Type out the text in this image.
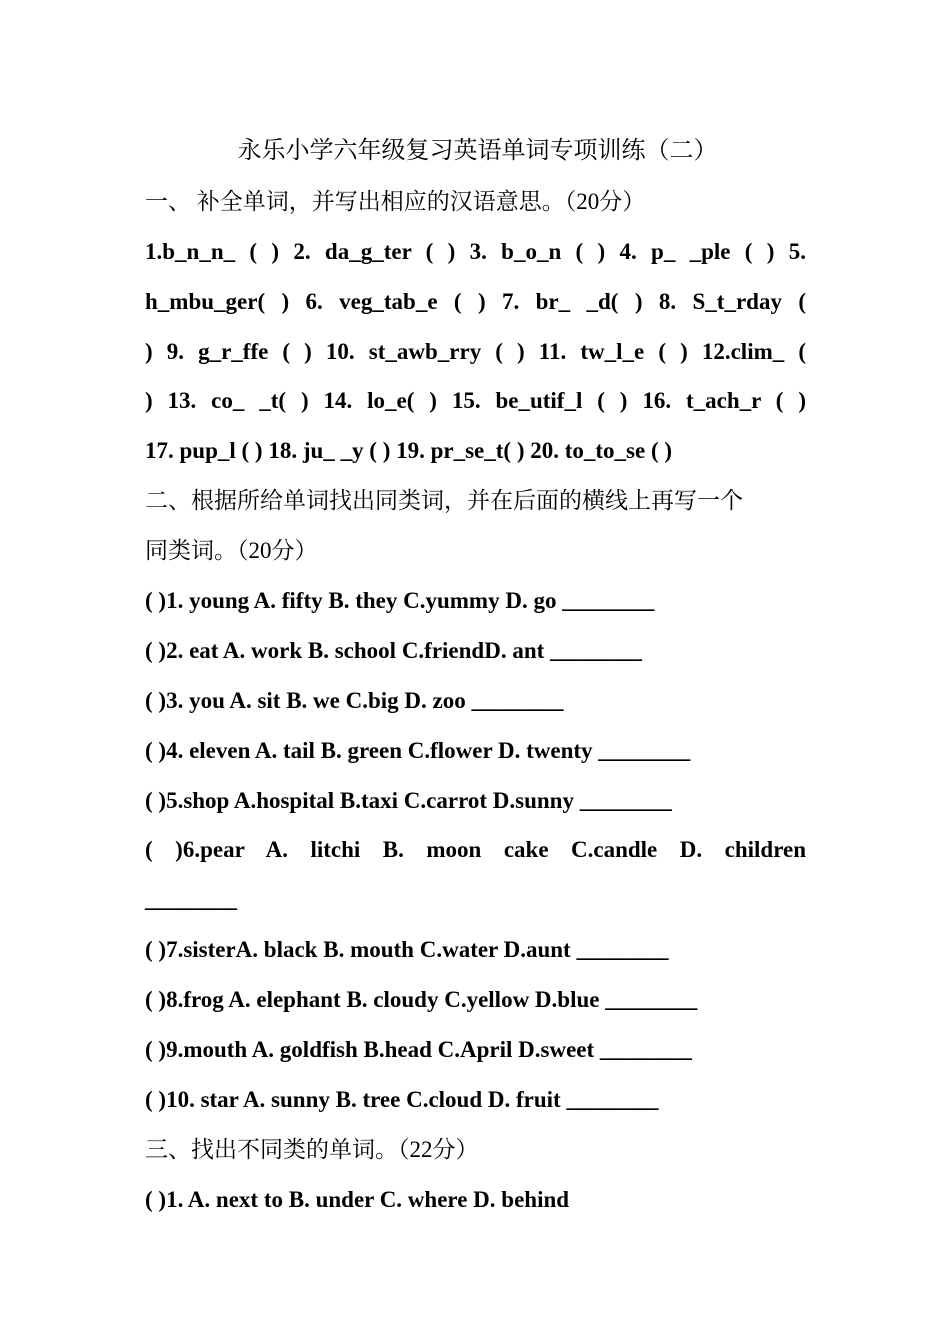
永乐小学六年级复习英语单词专项训练（二）
一、 补全单词，并写出相应的汉语意思。（20分）
1.b_n_n_ ( ) 2. da_g_ter ( ) 3. b_o_n ( ) 4. p_ _ple ( ) 5.
h_mbu_ger( ) 6. veg_tab_e ( ) 7. br_ _d( ) 8. S_t_rday (
) 9. g_r_ffe ( ) 10. st_awb_rry ( ) 11. tw_l_e ( ) 12.clim_ (
) 13. co_ _t( ) 14. lo_e( ) 15. be_utif_l ( ) 16. t_ach_r ( )
17. pup_l ( ) 18. ju_ _y ( ) 19. pr_se_t( ) 20. to_to_se ( )
二、根据所给单词找出同类词，并在后面的横线上再写一个
同类词。（20分）
( )1. young A. fifty B. they C.yummy D. go ________
( )2. eat A. work B. school C.friendD. ant ________
( )3. you A. sit B. we C.big D. zoo ________
( )4. eleven A. tail B. green C.flower D. twenty ________
( )5.shop A.hospital B.taxi C.carrot D.sunny ________
( )6.pear A. litchi B. moon cake C.candle D. children
________
( )7.sisterA. black B. mouth C.water D.aunt ________
( )8.frog A. elephant B. cloudy C.yellow D.blue ________
( )9.mouth A. goldfish B.head C.April D.sweet ________
( )10. star A. sunny B. tree C.cloud D. fruit ________
三、找出不同类的单词。（22分）
( )1. A. next to B. under C. where D. behind
